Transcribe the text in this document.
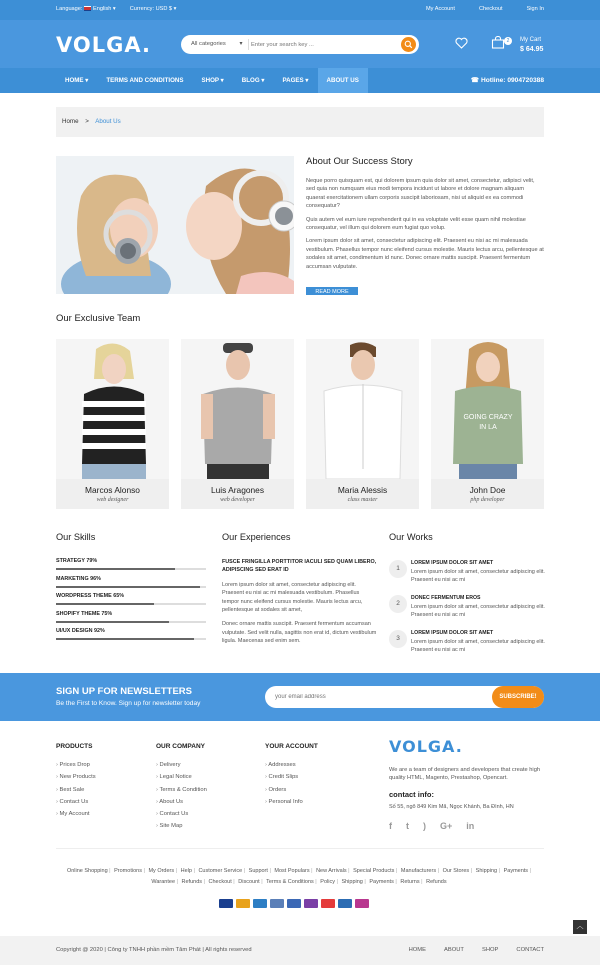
Language: English ▾	Currency: USD $ ▾	My Account	Checkout	Sign In
VOLGA.	All categories ▾
Enter your search key ...	2	My Cart
$ 64.95
HOME ▾	TERMS AND CONDITIONS	SHOP ▾	BLOG ▾	PAGES ▾	ABOUT US	☎ Hotline: 0904720388
Home > About Us
About Our Success Story

Neque porro quisquam est, qui dolorem ipsum quia dolor sit amet, consectetur, adipisci velit, sed quia non numquam eius modi tempora incidunt ut labore et dolore magnam aliquam quaerat exercitationem ullam corporis suscipit laboriosam, nisi ut aliquid ex ea commodi consequatur?

Quis autem vel eum iure reprehenderit qui in ea voluptate velit esse quam nihil molestiae consequatur, vel illum qui dolorem eum fugiat quo volup.

Lorem ipsum dolor sit amet, consectetur adipiscing elit. Praesent eu nisi ac mi malesuada vestibulum. Phasellus tempor nunc eleifend cursus molestie. Mauris lectus arcu, pellentesque at sodales sit amet, condimentum id nunc. Donec ornare mattis suscipit. Praesent fermentum accumsan vulputate.

READ MORE
Our Exclusive Team
Marcos Alonso
web designer
Luis Aragones
web developer
Maria Alessis
class master
GOING CRAZY
IN LA
John Doe
php developer
Our Skills
STRATEGY 79%
MARKETING 96%
WORDPRESS THEME 65%
SHOPIFY THEME 75%
UI/UX DESIGN 92%
Our Experiences

FUSCE FRINGILLA PORTTITOR IACULI SED QUAM LIBERO, ADIPISCING SED ERAT ID

Lorem ipsum dolor sit amet, consectetur adipiscing elit. Praesent eu nisi ac mi malesuada vestibulum. Phasellus tempor nunc eleifend cursus molestie. Mauris lectus arcu, pellentesque at sodales sit amet,

Donec ornare mattis suscipit. Praesent fermentum accumsan vulputate. Sed velit nulla, sagittis non erat id, dictum vestibulum ligula. Maecenas sed enim sem.

Our Works
1
LOREM IPSUM DOLOR SIT AMET
Lorem ipsum dolor sit amet, consectetur adipiscing elit. Praesent eu nisi ac mi
2
DONEC FERMENTUM EROS
Lorem ipsum dolor sit amet, consectetur adipiscing elit. Praesent eu nisi ac mi
3
LOREM IPSUM DOLOR SIT AMET
Lorem ipsum dolor sit amet, consectetur adipiscing elit. Praesent eu nisi ac mi
SIGN UP FOR NEWSLETTERS
Be the First to Know. Sign up for newsletter today
your email address
SUBSCRIBE!
PRODUCTS
› Prices Drop
› New Products
› Best Sale
› Contact Us
› My Account
OUR COMPANY
› Delivery
› Legal Notice
› Terms & Condition
› About Us
› Contact Us
› Site Map
YOUR ACCOUNT
› Addresses
› Credit Slips
› Orders
› Personal Info
VOLGA.
We are a team of designers and developers that create high quality HTML, Magento, Prestashop, Opencart.
contact info:
Số 55, ngõ 849 Kim Mã, Ngọc Khánh, Ba Đình, HN
f t ) G+ in
Online Shopping | Promotions | My Orders | Help | Customer Service | Support | Most Populars | New Arrivals | Special Products | Manufacturers | Our Stores | Shipping | Payments | Warantee | Refunds | Checkout | Discount | Terms & Conditions | Policy | Shipping | Payments | Returns | Refunds
︿
Copyright @ 2020 | Công ty TNHH phần mềm Tâm Phát | All rights reserved	HOME	ABOUT	SHOP	CONTACT
